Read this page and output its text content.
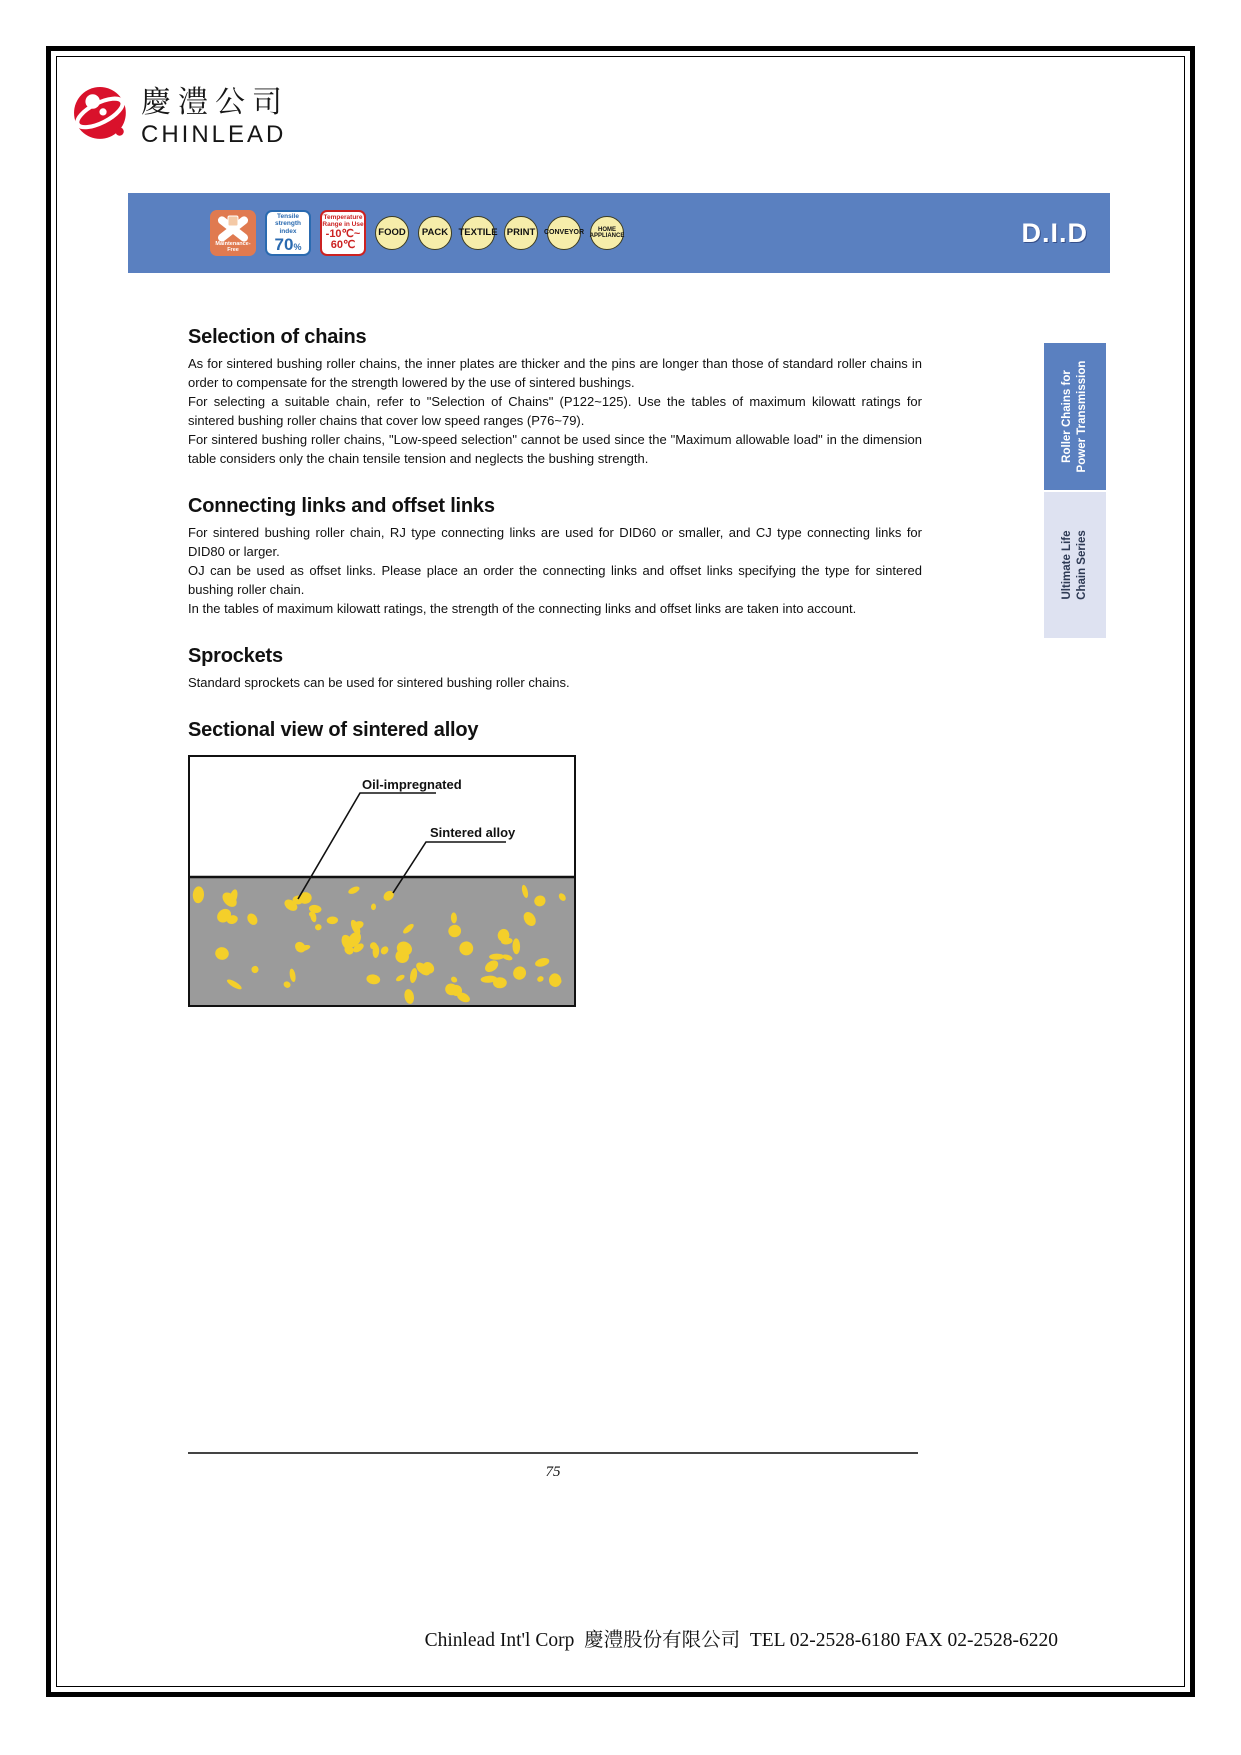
慶澧公司
CHINLEAD
Maintenance-Free
Tensile
strength index
70%
Temperature
Range in Use
-10℃~
60℃
FOOD	PACK	TEXTILE PRINT	CONVEYOR	HOME APPLIANCE	D.I.D
Roller Chains for Power Transmission
Ultimate Life Chain Series
Selection of chains

As for sintered bushing roller chains, the inner plates are thicker and the pins are longer than those of standard roller chains in order to compensate for the strength lowered by the use of sintered bushings.

For selecting a suitable chain, refer to "Selection of Chains" (P122~125). Use the tables of maximum kilowatt ratings for sintered bushing roller chains that cover low speed ranges (P76~79).

For sintered bushing roller chains, "Low-speed selection" cannot be used since the "Maximum allowable load" in the dimension table considers only the chain tensile tension and neglects the bushing strength.

Connecting links and offset links

For sintered bushing roller chain, RJ type connecting links are used for DID60 or smaller, and CJ type connecting links for DID80 or larger.

OJ can be used as offset links. Please place an order the connecting links and offset links specifying the type for sintered bushing roller chain.

In the tables of maximum kilowatt ratings, the strength of the connecting links and offset links are taken into account.

Sprockets

Standard sprockets can be used for sintered bushing roller chains.

Sectional view of sintered alloy
Oil-impregnated
Sintered alloy
75
Chinlead Int'l Corp  慶澧股份有限公司  TEL 02-2528-6180 FAX 02-2528-6220
